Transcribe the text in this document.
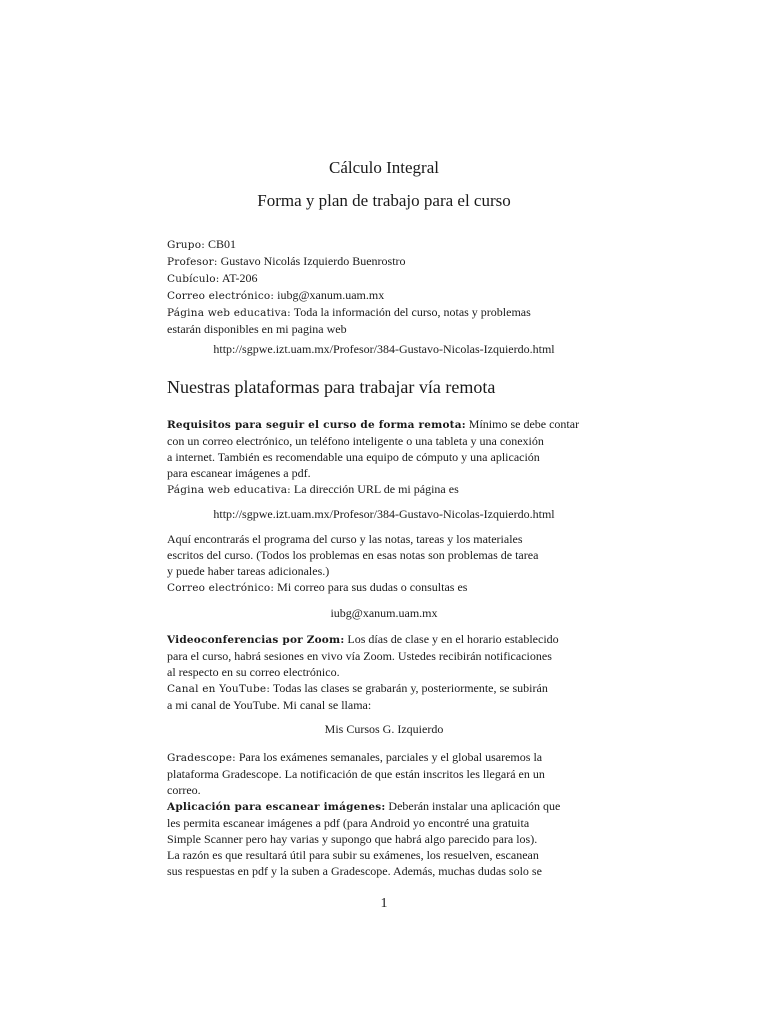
Cálculo Integral
Forma y plan de trabajo para el curso

Grupo: CB01

Profesor: Gustavo Nicolás Izquierdo Buenrostro

Cubículo: AT-206

Correo electrónico: iubg@xanum.uam.mx

Página web educativa: Toda la información del curso, notas y problemas

estarán disponibles en mi pagina web

http://sgpwe.izt.uam.mx/Profesor/384-Gustavo-Nicolas-Izquierdo.html
Nuestras plataformas para trabajar vía remota

Requisitos para seguir el curso de forma remota: Mínimo se debe contar

con un correo electrónico, un teléfono inteligente o una tableta y una conexión

a internet. También es recomendable una equipo de cómputo y una aplicación

para escanear imágenes a pdf.

Página web educativa: La dirección URL de mi página es

http://sgpwe.izt.uam.mx/Profesor/384-Gustavo-Nicolas-Izquierdo.html

Aquí encontrarás el programa del curso y las notas, tareas y los materiales

escritos del curso. (Todos los problemas en esas notas son problemas de tarea

y puede haber tareas adicionales.)

Correo electrónico: Mi correo para sus dudas o consultas es

iubg@xanum.uam.mx

Videoconferencias por Zoom: Los días de clase y en el horario establecido

para el curso, habrá sesiones en vivo vía Zoom. Ustedes recibirán notificaciones

al respecto en su correo electrónico.

Canal en YouTube: Todas las clases se grabarán y, posteriormente, se subirán

a mi canal de YouTube. Mi canal se llama:

Mis Cursos G. Izquierdo

Gradescope: Para los exámenes semanales, parciales y el global usaremos la

plataforma Gradescope. La notificación de que están inscritos les llegará en un

correo.

Aplicación para escanear imágenes: Deberán instalar una aplicación que

les permita escanear imágenes a pdf (para Android yo encontré una gratuita

Simple Scanner pero hay varias y supongo que habrá algo parecido para los).

La razón es que resultará útil para subir su exámenes, los resuelven, escanean

sus respuestas en pdf y la suben a Gradescope. Además, muchas dudas solo se

1
